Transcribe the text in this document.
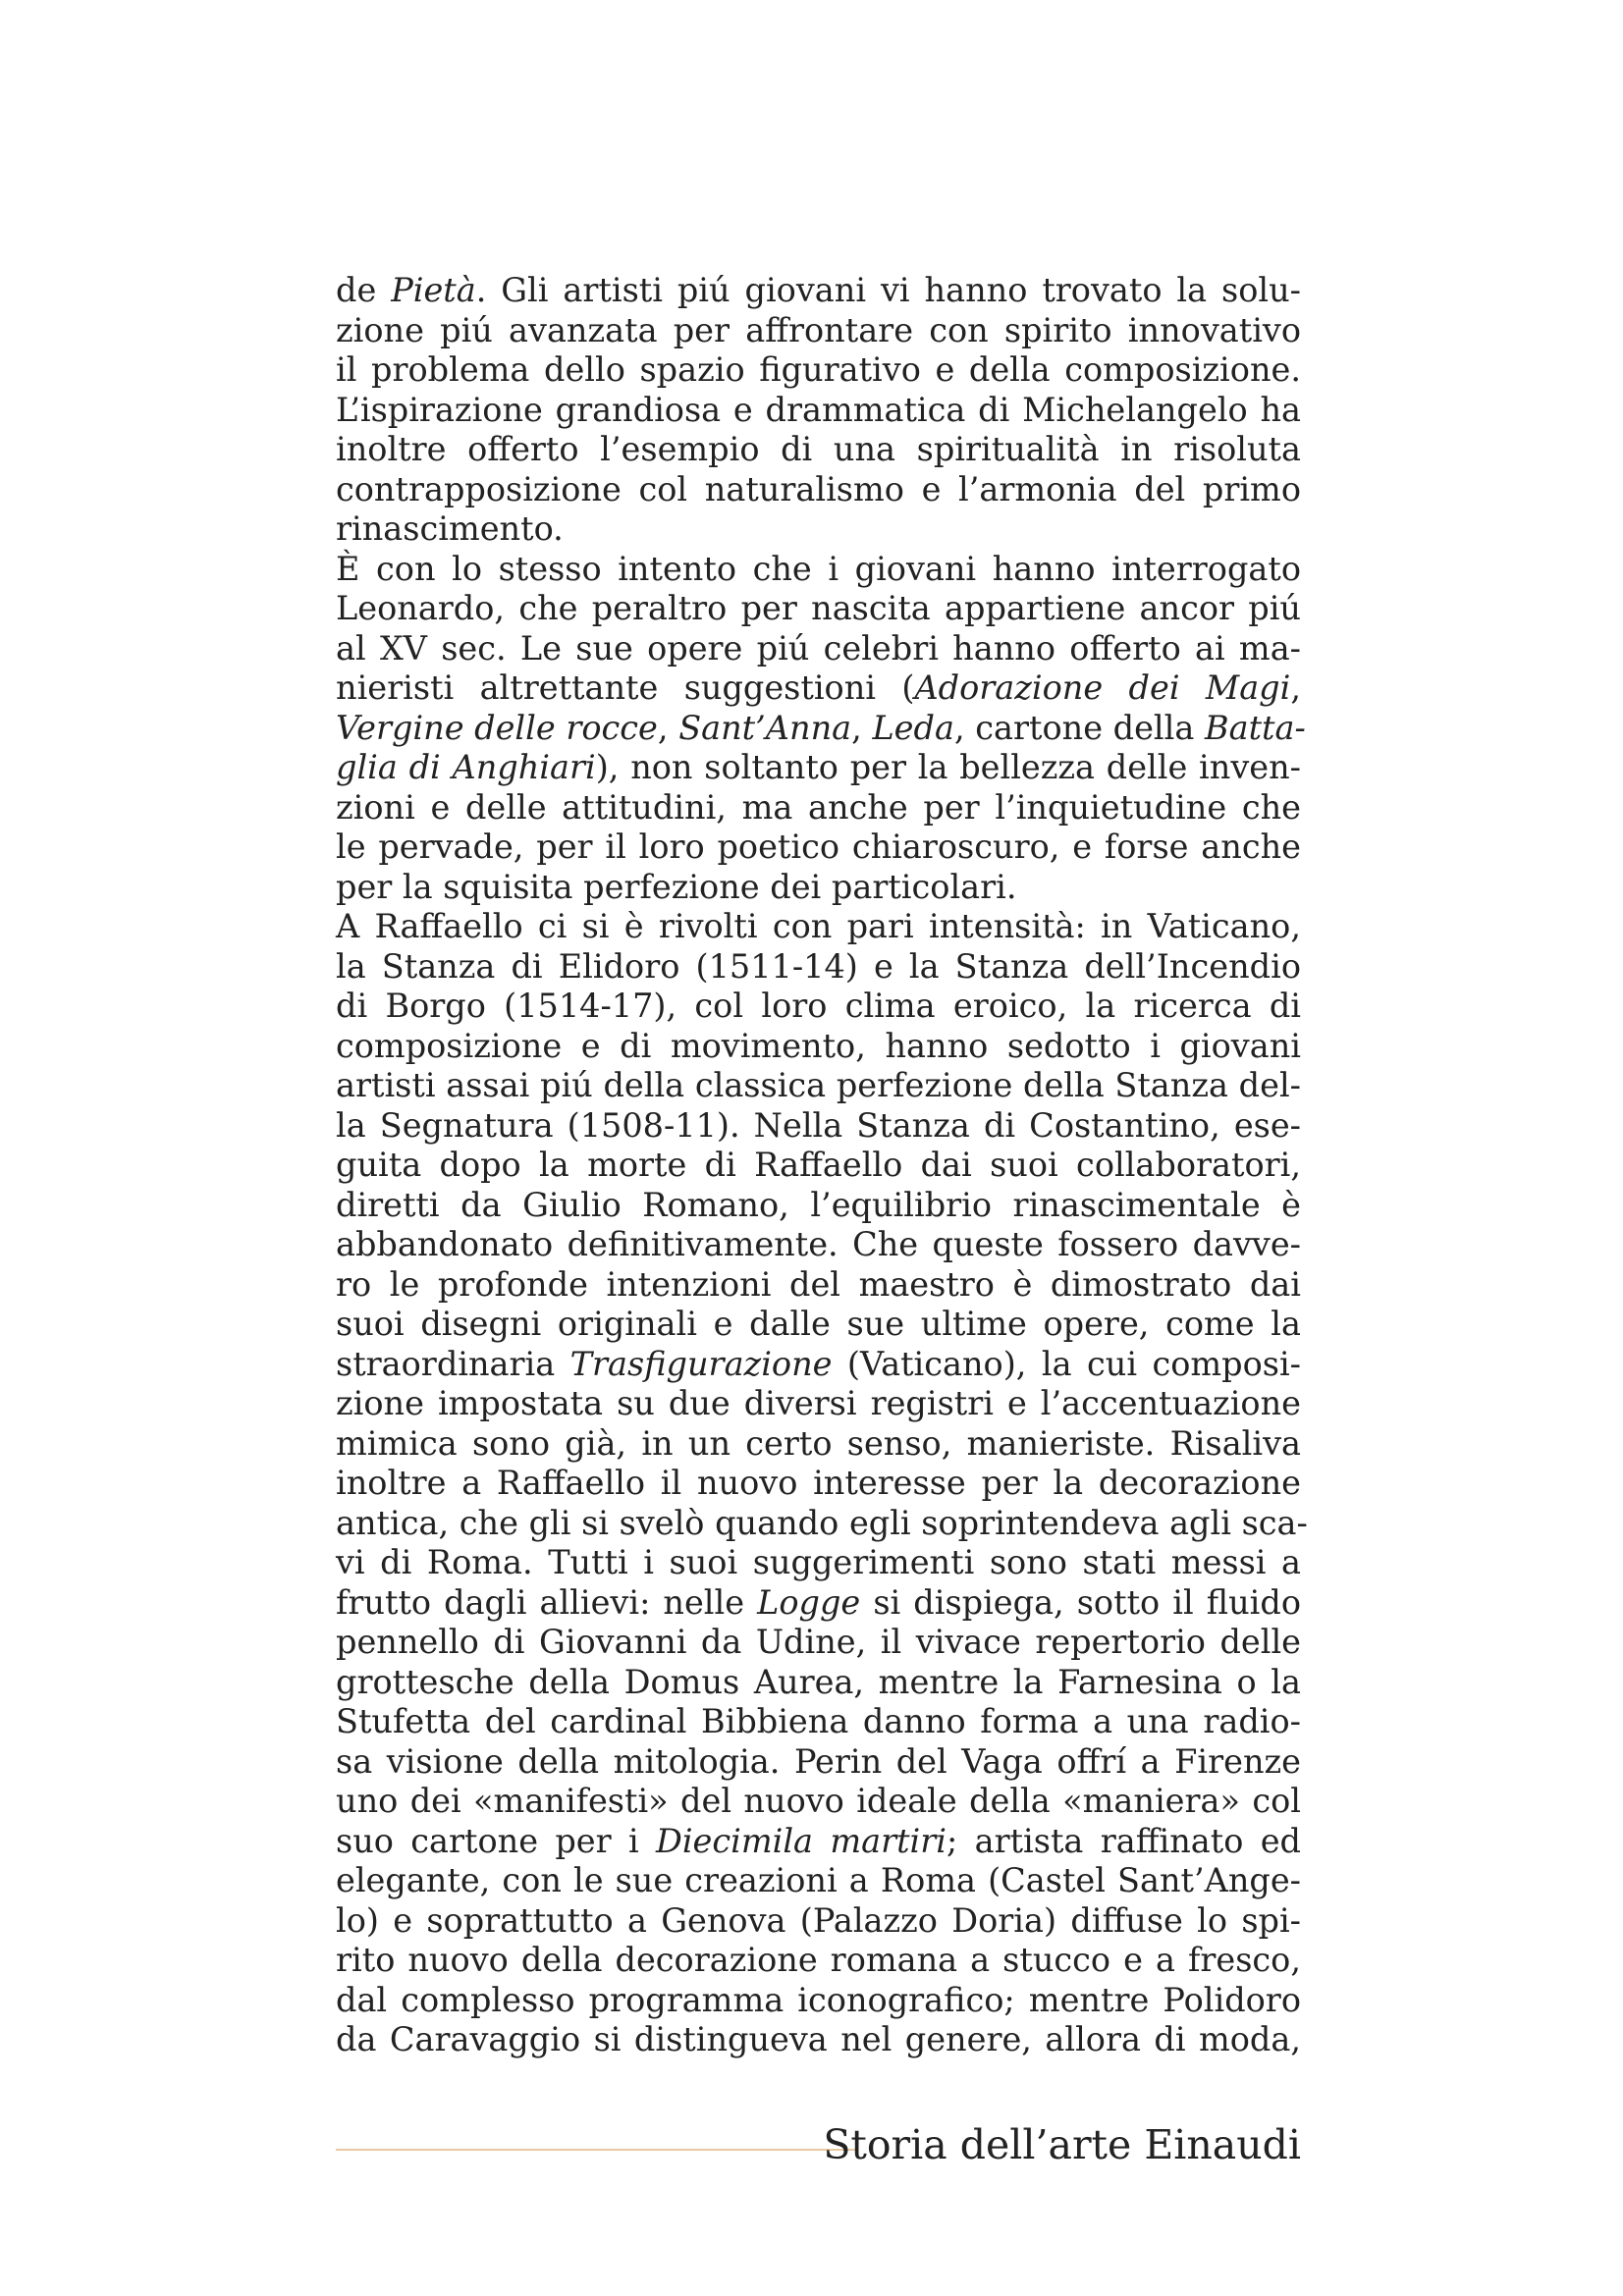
de Pietà. Gli artisti piú giovani vi hanno trovato la solu-
zione piú avanzata per affrontare con spirito innovativo
il problema dello spazio figurativo e della composizione.
L’ispirazione grandiosa e drammatica di Michelangelo ha
inoltre offerto l’esempio di una spiritualità in risoluta
contrapposizione col naturalismo e l’armonia del primo
rinascimento.
È con lo stesso intento che i giovani hanno interrogato
Leonardo, che peraltro per nascita appartiene ancor piú
al XV sec. Le sue opere piú celebri hanno offerto ai ma-
nieristi altrettante suggestioni (Adorazione dei Magi,
Vergine delle rocce, Sant’Anna, Leda, cartone della Batta-
glia di Anghiari), non soltanto per la bellezza delle inven-
zioni e delle attitudini, ma anche per l’inquietudine che
le pervade, per il loro poetico chiaroscuro, e forse anche
per la squisita perfezione dei particolari.
A Raffaello ci si è rivolti con pari intensità: in Vaticano,
la Stanza di Elidoro (1511-14) e la Stanza dell’Incendio
di Borgo (1514-17), col loro clima eroico, la ricerca di
composizione e di movimento, hanno sedotto i giovani
artisti assai piú della classica perfezione della Stanza del-
la Segnatura (1508-11). Nella Stanza di Costantino, ese-
guita dopo la morte di Raffaello dai suoi collaboratori,
diretti da Giulio Romano, l’equilibrio rinascimentale è
abbandonato definitivamente. Che queste fossero davve-
ro le profonde intenzioni del maestro è dimostrato dai
suoi disegni originali e dalle sue ultime opere, come la
straordinaria Trasfigurazione (Vaticano), la cui composi-
zione impostata su due diversi registri e l’accentuazione
mimica sono già, in un certo senso, manieriste. Risaliva
inoltre a Raffaello il nuovo interesse per la decorazione
antica, che gli si svelò quando egli soprintendeva agli sca-
vi di Roma. Tutti i suoi suggerimenti sono stati messi a
frutto dagli allievi: nelle Logge si dispiega, sotto il fluido
pennello di Giovanni da Udine, il vivace repertorio delle
grottesche della Domus Aurea, mentre la Farnesina o la
Stufetta del cardinal Bibbiena danno forma a una radio-
sa visione della mitologia. Perin del Vaga offrí a Firenze
uno dei «manifesti» del nuovo ideale della «maniera» col
suo cartone per i Diecimila martiri; artista raffinato ed
elegante, con le sue creazioni a Roma (Castel Sant’Ange-
lo) e soprattutto a Genova (Palazzo Doria) diffuse lo spi-
rito nuovo della decorazione romana a stucco e a fresco,
dal complesso programma iconografico; mentre Polidoro
da Caravaggio si distingueva nel genere, allora di moda,
Storia dell’arte Einaudi
